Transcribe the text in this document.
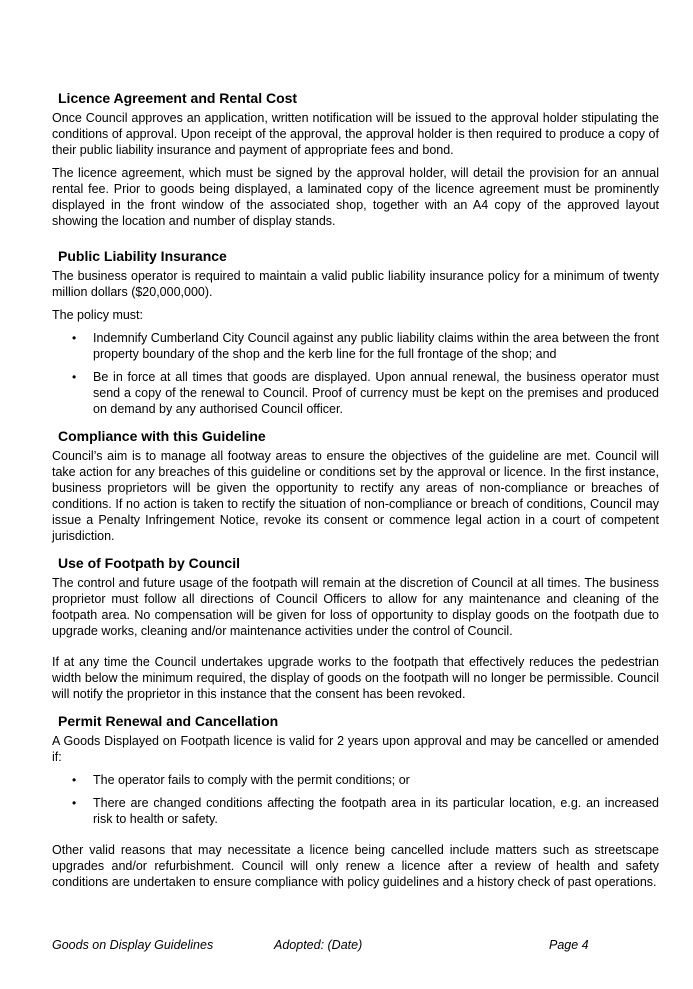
Licence Agreement and Rental Cost

Once Council approves an application, written notification will be issued to the approval holder stipulating the conditions of approval. Upon receipt of the approval, the approval holder is then required to produce a copy of their public liability insurance and payment of appropriate fees and bond.

The licence agreement, which must be signed by the approval holder, will detail the provision for an annual rental fee. Prior to goods being displayed, a laminated copy of the licence agreement must be prominently displayed in the front window of the associated shop, together with an A4 copy of the approved layout showing the location and number of display stands.

Public Liability Insurance

The business operator is required to maintain a valid public liability insurance policy for a minimum of twenty million dollars ($20,000,000).

The policy must:

• Indemnify Cumberland City Council against any public liability claims within the area between the front property boundary of the shop and the kerb line for the full frontage of the shop; and
• Be in force at all times that goods are displayed. Upon annual renewal, the business operator must send a copy of the renewal to Council. Proof of currency must be kept on the premises and produced on demand by any authorised Council officer.
Compliance with this Guideline

Council’s aim is to manage all footway areas to ensure the objectives of the guideline are met. Council will take action for any breaches of this guideline or conditions set by the approval or licence. In the first instance, business proprietors will be given the opportunity to rectify any areas of non-compliance or breaches of conditions. If no action is taken to rectify the situation of non-compliance or breach of conditions, Council may issue a Penalty Infringement Notice, revoke its consent or commence legal action in a court of competent jurisdiction.

Use of Footpath by Council

The control and future usage of the footpath will remain at the discretion of Council at all times. The business proprietor must follow all directions of Council Officers to allow for any maintenance and cleaning of the footpath area. No compensation will be given for loss of opportunity to display goods on the footpath due to upgrade works, cleaning and/or maintenance activities under the control of Council.

If at any time the Council undertakes upgrade works to the footpath that effectively reduces the pedestrian width below the minimum required, the display of goods on the footpath will no longer be permissible. Council will notify the proprietor in this instance that the consent has been revoked.

Permit Renewal and Cancellation

A Goods Displayed on Footpath licence is valid for 2 years upon approval and may be cancelled or amended if:

• The operator fails to comply with the permit conditions; or
• There are changed conditions affecting the footpath area in its particular location, e.g. an increased risk to health or safety.

Other valid reasons that may necessitate a licence being cancelled include matters such as streetscape upgrades and/or refurbishment. Council will only renew a licence after a review of health and safety conditions are undertaken to ensure compliance with policy guidelines and a history check of past operations.

Goods on Display Guidelines	Adopted: (Date)	Page 4
